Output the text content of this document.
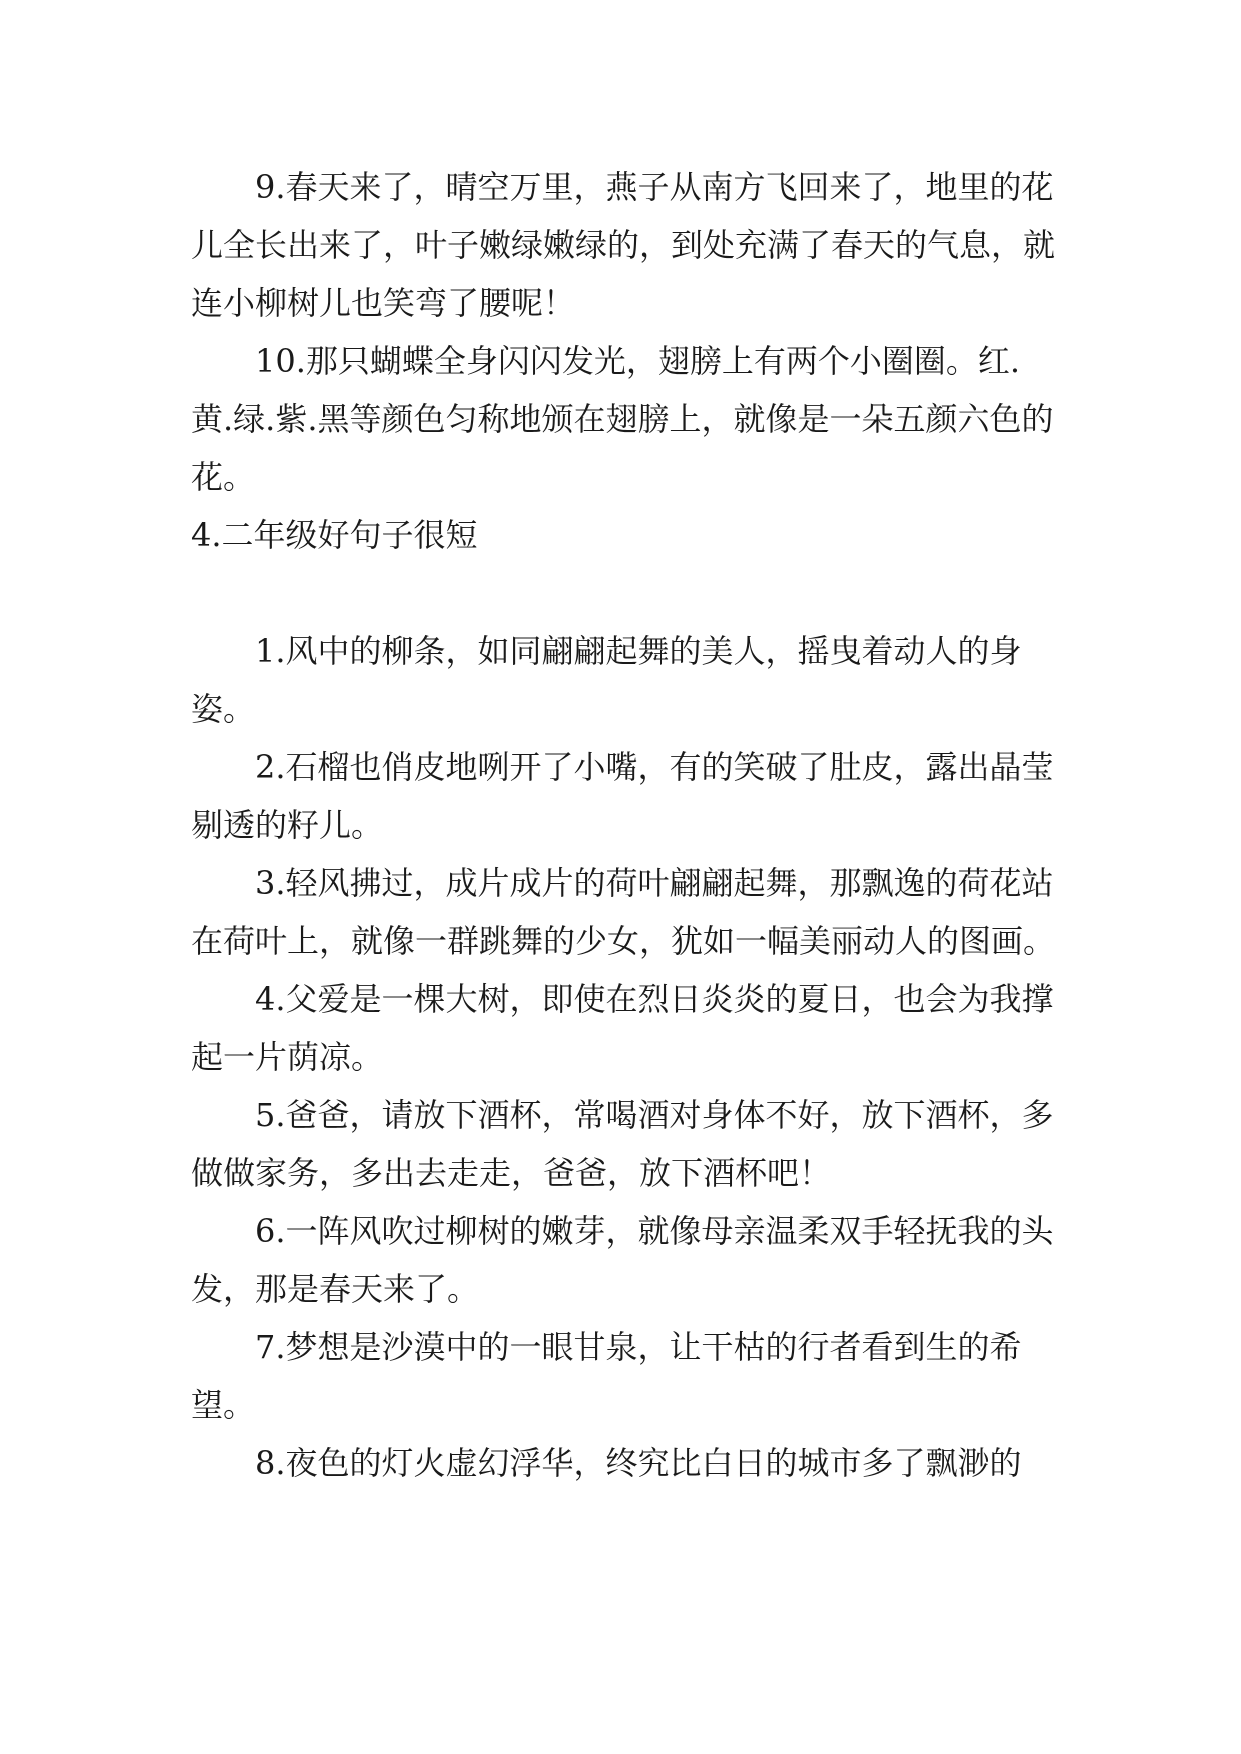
9.春天来了，晴空万里，燕子从南方飞回来了，地里的花儿全长出来了，叶子嫩绿嫩绿的，到处充满了春天的气息，就连小柳树儿也笑弯了腰呢！

10.那只蝴蝶全身闪闪发光，翅膀上有两个小圈圈。红.黄.绿.紫.黑等颜色匀称地颁在翅膀上，就像是一朵五颜六色的花。

4.二年级好句子很短

1.风中的柳条，如同翩翩起舞的美人，摇曳着动人的身姿。

2.石榴也俏皮地咧开了小嘴，有的笑破了肚皮，露出晶莹剔透的籽儿。

3.轻风拂过，成片成片的荷叶翩翩起舞，那飘逸的荷花站在荷叶上，就像一群跳舞的少女，犹如一幅美丽动人的图画。

4.父爱是一棵大树，即使在烈日炎炎的夏日，也会为我撑起一片荫凉。

5.爸爸，请放下酒杯，常喝酒对身体不好，放下酒杯，多做做家务，多出去走走，爸爸，放下酒杯吧！

6.一阵风吹过柳树的嫩芽，就像母亲温柔双手轻抚我的头发，那是春天来了。

7.梦想是沙漠中的一眼甘泉，让干枯的行者看到生的希望。

8.夜色的灯火虚幻浮华，终究比白日的城市多了飘渺的
